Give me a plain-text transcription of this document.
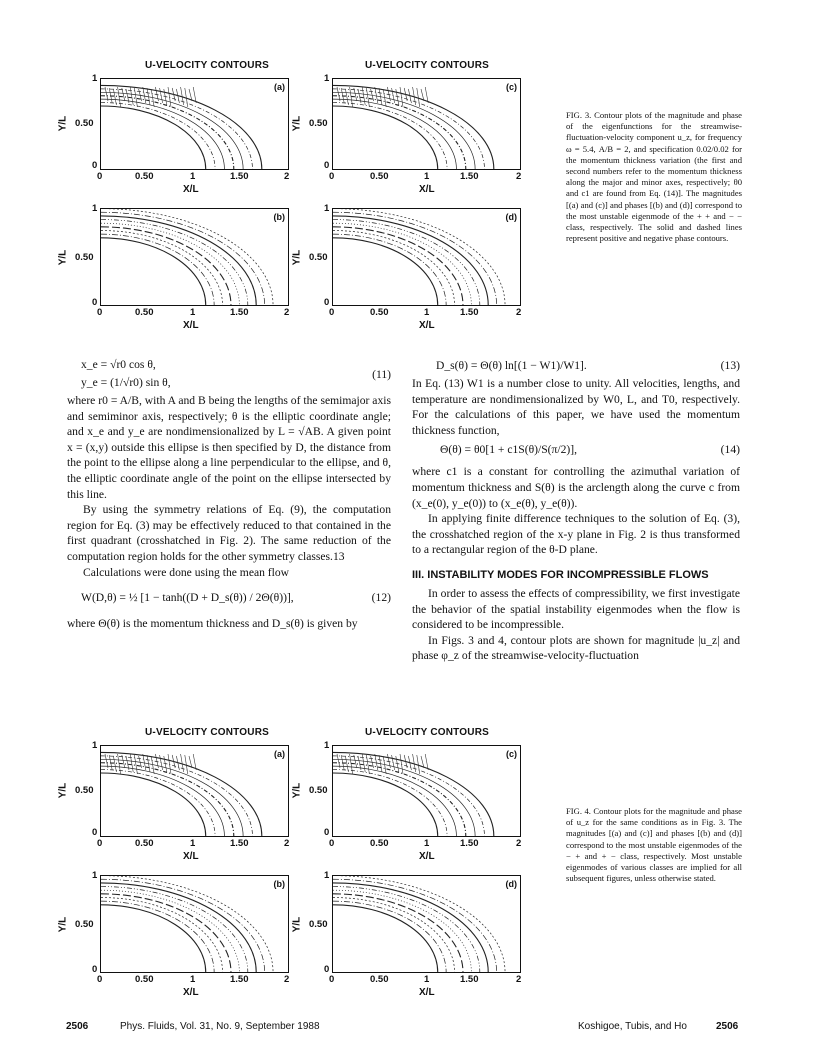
U-VELOCITY CONTOURS
(a)
1
0.50
0
Y/L
0	0.50	1	1.50	2
X/L
U-VELOCITY CONTOURS
(c)
1
0.50
0
Y/L
0	0.50	1	1.50	2
X/L
(b)
1
0.50
0
Y/L
0	0.50	1	1.50	2
X/L
(d)
1
0.50
0
Y/L
0	0.50	1	1.50	2
X/L
FIG. 3. Contour plots of the magnitude and phase of the eigenfunctions for the streamwise-fluctuation-velocity component u_z, for frequency ω = 5.4, A/B = 2, and specification 0.02/0.02 for the momentum thickness variation (the first and second numbers refer to the momentum thickness along the major and minor axes, respectively; θ0 and c1 are found from Eq. (14)]. The magnitudes [(a) and (c)] and phases [(b) and (d)] correspond to the most unstable eigenmode of the + + and − − class, respectively. The solid and dashed lines represent positive and negative phase contours.
x_e = √r0 cos θ,
y_e = (1/√r0) sin θ,
(11)

where r0 = A/B, with A and B being the lengths of the semimajor axis and semiminor axis, respectively; θ is the elliptic coordinate angle; and x_e and y_e are nondimensionalized by L = √AB. A given point x = (x,y) outside this ellipse is then specified by D, the distance from the point to the ellipse along a line perpendicular to the ellipse, and θ, the elliptic coordinate angle of the point on the ellipse intersected by this line.

By using the symmetry relations of Eq. (9), the computation region for Eq. (3) may be effectively reduced to that contained in the first quadrant (crosshatched in Fig. 2). The same reduction of the computation region holds for the other symmetry classes.13

Calculations were done using the mean flow

W(D,θ) = ½ [1 − tanh((D + D_s(θ)) / 2Θ(θ))],	(12)

where Θ(θ) is the momentum thickness and D_s(θ) is given by

D_s(θ) = Θ(θ) ln[(1 − W1)/W1].	(13)

In Eq. (13) W1 is a number close to unity. All velocities, lengths, and temperature are nondimensionalized by W0, L, and T0, respectively. For the calculations of this paper, we have used the momentum thickness function,

Θ(θ) = θ0[1 + c1S(θ)/S(π/2)],	(14)

where c1 is a constant for controlling the azimuthal variation of momentum thickness and S(θ) is the arclength along the curve c from (x_e(0), y_e(0)) to (x_e(θ), y_e(θ)).

In applying finite difference techniques to the solution of Eq. (3), the crosshatched region of the x-y plane in Fig. 2 is thus transformed to a rectangular region of the θ-D plane.

III. INSTABILITY MODES FOR INCOMPRESSIBLE FLOWS

In order to assess the effects of compressibility, we first investigate the behavior of the spatial instability eigenmodes when the flow is considered to be incompressible.

In Figs. 3 and 4, contour plots are shown for magnitude |u_z| and phase φ_z of the streamwise-velocity-fluctuation

U-VELOCITY CONTOURS
(a)
1
0.50
0
Y/L
0	0.50	1	1.50	2
X/L
U-VELOCITY CONTOURS
(c)
1
0.50
0
Y/L
0	0.50	1	1.50	2
X/L
(b)
1
0.50
0
Y/L
0	0.50	1	1.50	2
X/L
(d)
1
0.50
0
Y/L
0	0.50	1	1.50	2
X/L
FIG. 4. Contour plots for the magnitude and phase of u_z for the same conditions as in Fig. 3. The magnitudes [(a) and (c)] and phases [(b) and (d)] correspond to the most unstable eigenmodes of the − + and + − class, respectively. Most unstable eigenmodes of various classes are implied for all subsequent figures, unless otherwise stated.
2506	Phys. Fluids, Vol. 31, No. 9, September 1988	Koshigoe, Tubis, and Ho	2506
